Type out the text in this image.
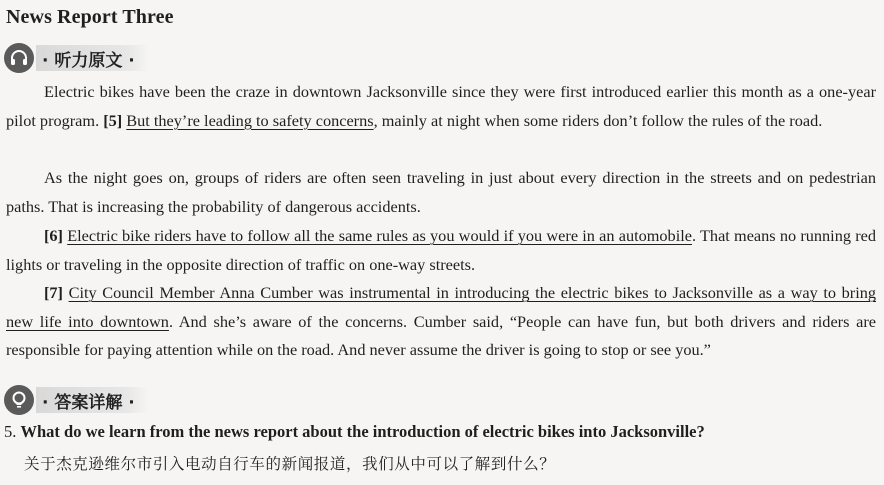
News Report Three
· 听力原文 ·
Electric bikes have been the craze in downtown Jacksonville since they were first introduced earlier this month as a one-year pilot program. [5] But they’re leading to safety concerns, mainly at night when some riders don’t follow the rules of the road.
As the night goes on, groups of riders are often seen traveling in just about every direction in the streets and on pedestrian paths. That is increasing the probability of dangerous accidents.
[6] Electric bike riders have to follow all the same rules as you would if you were in an automobile. That means no running red lights or traveling in the opposite direction of traffic on one-way streets.
[7] City Council Member Anna Cumber was instrumental in introducing the electric bikes to Jacksonville as a way to bring new life into downtown. And she’s aware of the concerns. Cumber said, “People can have fun, but both drivers and riders are responsible for paying attention while on the road. And never assume the driver is going to stop or see you.”
· 答案详解 ·
5. What do we learn from the news report about the introduction of electric bikes into Jacksonville?
关于杰克逊维尔市引入电动自行车的新闻报道，我们从中可以了解到什么？
